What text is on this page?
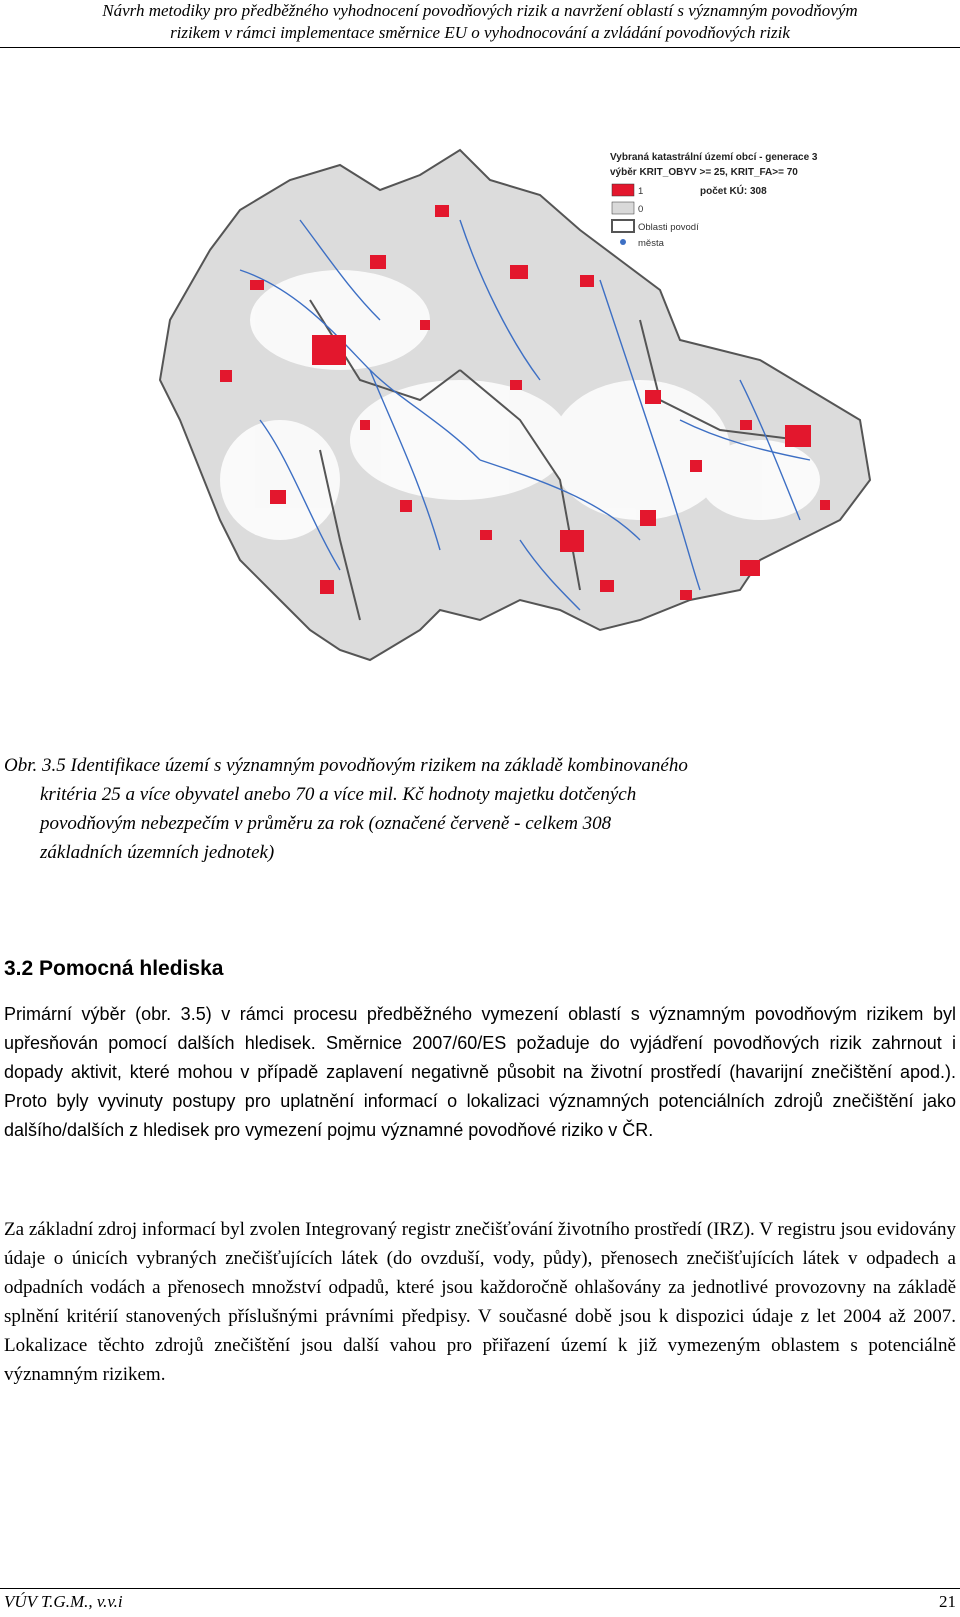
Návrh metodiky pro předběžného vyhodnocení povodňových rizik a navržení oblastí s významným povodňovým
rizikem v rámci implementace směrnice EU o vyhodnocování a zvládání povodňových rizik
Vybraná katastrální území obcí - generace 3
výběr KRIT_OBYV >= 25, KRIT_FA>= 70
1	počet KÚ: 308
0
Oblasti povodí
města
Obr. 3.5 Identifikace území s významným povodňovým rizikem na základě kombinovaného
kritéria 25 a více obyvatel anebo 70 a více mil. Kč hodnoty majetku dotčených
povodňovým nebezpečím v průměru za rok (označené červeně - celkem 308
základních územních jednotek)
3.2 Pomocná hlediska
Primární výběr (obr. 3.5) v rámci procesu předběžného vymezení oblastí s významným povodňovým rizikem byl upřesňován pomocí dalších hledisek. Směrnice 2007/60/ES požaduje do vyjádření povodňových rizik zahrnout i dopady aktivit, které mohou v případě zaplavení negativně působit na životní prostředí (havarijní znečištění apod.). Proto byly vyvinuty postupy pro uplatnění informací o lokalizaci významných potenciálních zdrojů znečištění jako dalšího/dalších z hledisek pro vymezení pojmu významné povodňové riziko v ČR.
Za základní zdroj informací byl zvolen Integrovaný registr znečišťování životního prostředí (IRZ). V registru jsou evidovány údaje o únicích vybraných znečišťujících látek (do ovzduší, vody, půdy), přenosech znečišťujících látek v odpadech a odpadních vodách a přenosech množství odpadů, které jsou každoročně ohlašovány za jednotlivé provozovny na základě splnění kritérií stanovených příslušnými právními předpisy. V současné době jsou k dispozici údaje z let 2004 až 2007. Lokalizace těchto zdrojů znečištění jsou další vahou pro přiřazení území k již vymezeným oblastem s potenciálně významným rizikem.
VÚV T.G.M., v.v.i	21
